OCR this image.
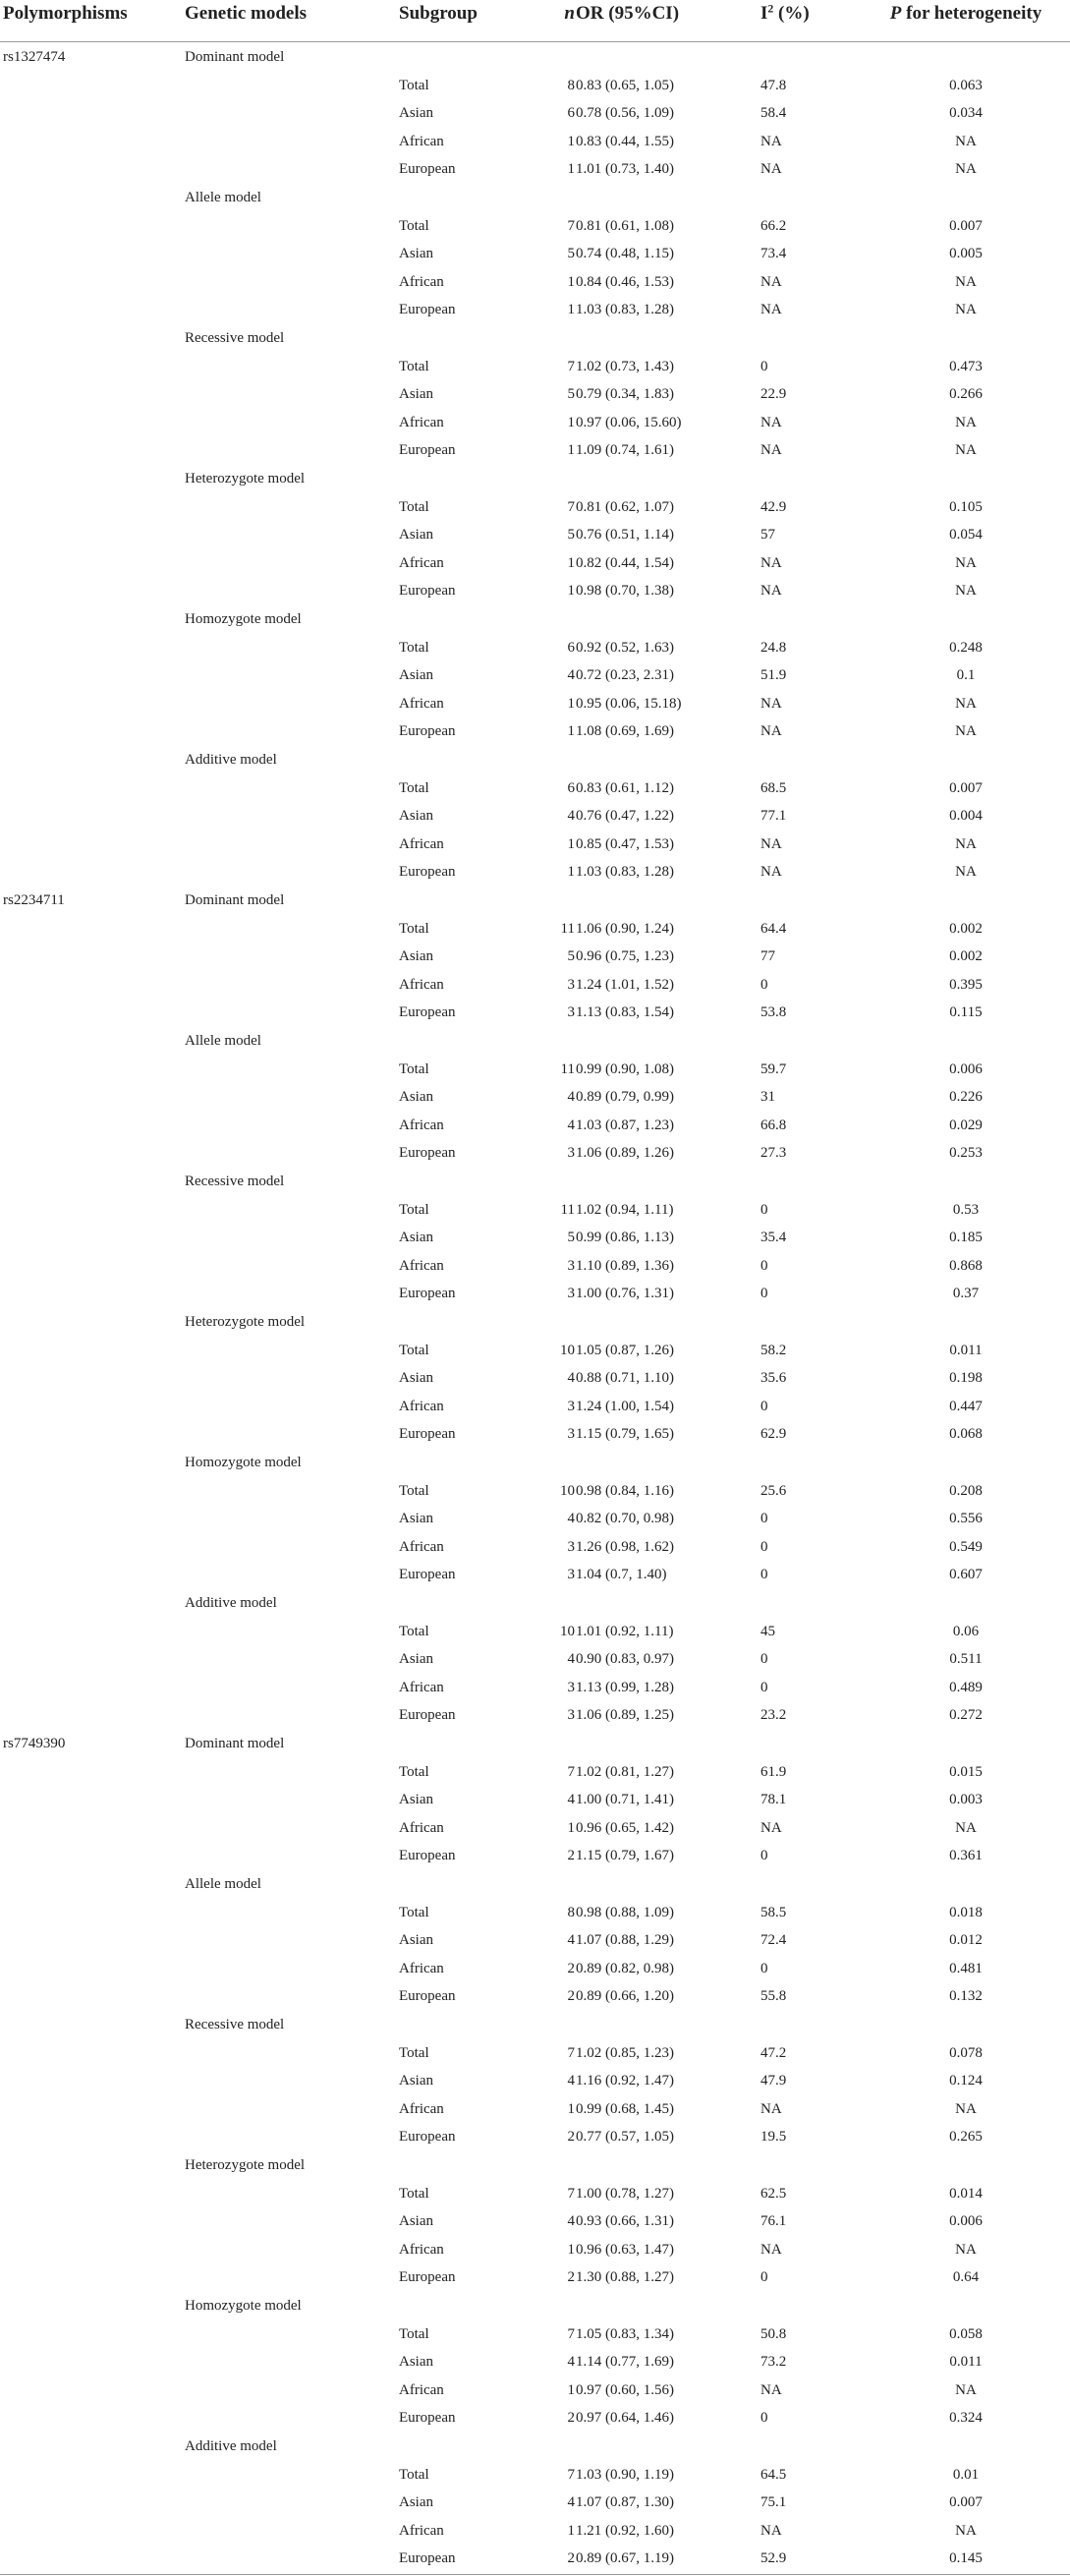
Polymorphisms	Genetic models	Subgroup	n OR (95%CI)	$I^2$ (%)	P for heterogeneity
rs1327474	Dominant model
Total	8 0.83 (0.65, 1.05)	47.8	0.063
Asian	6 0.78 (0.56, 1.09)	58.4	0.034
African	1 0.83 (0.44, 1.55)	NA	NA
European	1 1.01 (0.73, 1.40)	NA	NA
Allele model
Total	7 0.81 (0.61, 1.08)	66.2	0.007
Asian	5 0.74 (0.48, 1.15)	73.4	0.005
African	1 0.84 (0.46, 1.53)	NA	NA
European	1 1.03 (0.83, 1.28)	NA	NA
Recessive model
Total	7 1.02 (0.73, 1.43)	0	0.473
Asian	5 0.79 (0.34, 1.83)	22.9	0.266
African	1 0.97 (0.06, 15.60)	NA	NA
European	1 1.09 (0.74, 1.61)	NA	NA
Heterozygote model
Total	7 0.81 (0.62, 1.07)	42.9	0.105
Asian	5 0.76 (0.51, 1.14)	57	0.054
African	1 0.82 (0.44, 1.54)	NA	NA
European	1 0.98 (0.70, 1.38)	NA	NA
Homozygote model
Total	6 0.92 (0.52, 1.63)	24.8	0.248
Asian	4 0.72 (0.23, 2.31)	51.9	0.1
African	1 0.95 (0.06, 15.18)	NA	NA
European	1 1.08 (0.69, 1.69)	NA	NA
Additive model
Total	6 0.83 (0.61, 1.12)	68.5	0.007
Asian	4 0.76 (0.47, 1.22)	77.1	0.004
African	1 0.85 (0.47, 1.53)	NA	NA
European	1 1.03 (0.83, 1.28)	NA	NA
rs2234711	Dominant model
Total	11 1.06 (0.90, 1.24)	64.4	0.002
Asian	5 0.96 (0.75, 1.23)	77	0.002
African	3 1.24 (1.01, 1.52)	0	0.395
European	3 1.13 (0.83, 1.54)	53.8	0.115
Allele model
Total	11 0.99 (0.90, 1.08)	59.7	0.006
Asian	4 0.89 (0.79, 0.99)	31	0.226
African	4 1.03 (0.87, 1.23)	66.8	0.029
European	3 1.06 (0.89, 1.26)	27.3	0.253
Recessive model
Total	11 1.02 (0.94, 1.11)	0	0.53
Asian	5 0.99 (0.86, 1.13)	35.4	0.185
African	3 1.10 (0.89, 1.36)	0	0.868
European	3 1.00 (0.76, 1.31)	0	0.37
Heterozygote model
Total	10 1.05 (0.87, 1.26)	58.2	0.011
Asian	4 0.88 (0.71, 1.10)	35.6	0.198
African	3 1.24 (1.00, 1.54)	0	0.447
European	3 1.15 (0.79, 1.65)	62.9	0.068
Homozygote model
Total	10 0.98 (0.84, 1.16)	25.6	0.208
Asian	4 0.82 (0.70, 0.98)	0	0.556
African	3 1.26 (0.98, 1.62)	0	0.549
European	3 1.04 (0.7, 1.40)	0	0.607
Additive model
Total	10 1.01 (0.92, 1.11)	45	0.06
Asian	4 0.90 (0.83, 0.97)	0	0.511
African	3 1.13 (0.99, 1.28)	0	0.489
European	3 1.06 (0.89, 1.25)	23.2	0.272
rs7749390	Dominant model
Total	7 1.02 (0.81, 1.27)	61.9	0.015
Asian	4 1.00 (0.71, 1.41)	78.1	0.003
African	1 0.96 (0.65, 1.42)	NA	NA
European	2 1.15 (0.79, 1.67)	0	0.361
Allele model
Total	8 0.98 (0.88, 1.09)	58.5	0.018
Asian	4 1.07 (0.88, 1.29)	72.4	0.012
African	2 0.89 (0.82, 0.98)	0	0.481
European	2 0.89 (0.66, 1.20)	55.8	0.132
Recessive model
Total	7 1.02 (0.85, 1.23)	47.2	0.078
Asian	4 1.16 (0.92, 1.47)	47.9	0.124
African	1 0.99 (0.68, 1.45)	NA	NA
European	2 0.77 (0.57, 1.05)	19.5	0.265
Heterozygote model
Total	7 1.00 (0.78, 1.27)	62.5	0.014
Asian	4 0.93 (0.66, 1.31)	76.1	0.006
African	1 0.96 (0.63, 1.47)	NA	NA
European	2 1.30 (0.88, 1.27)	0	0.64
Homozygote model
Total	7 1.05 (0.83, 1.34)	50.8	0.058
Asian	4 1.14 (0.77, 1.69)	73.2	0.011
African	1 0.97 (0.60, 1.56)	NA	NA
European	2 0.97 (0.64, 1.46)	0	0.324
Additive model
Total	7 1.03 (0.90, 1.19)	64.5	0.01
Asian	4 1.07 (0.87, 1.30)	75.1	0.007
African	1 1.21 (0.92, 1.60)	NA	NA
European	2 0.89 (0.67, 1.19)	52.9	0.145
